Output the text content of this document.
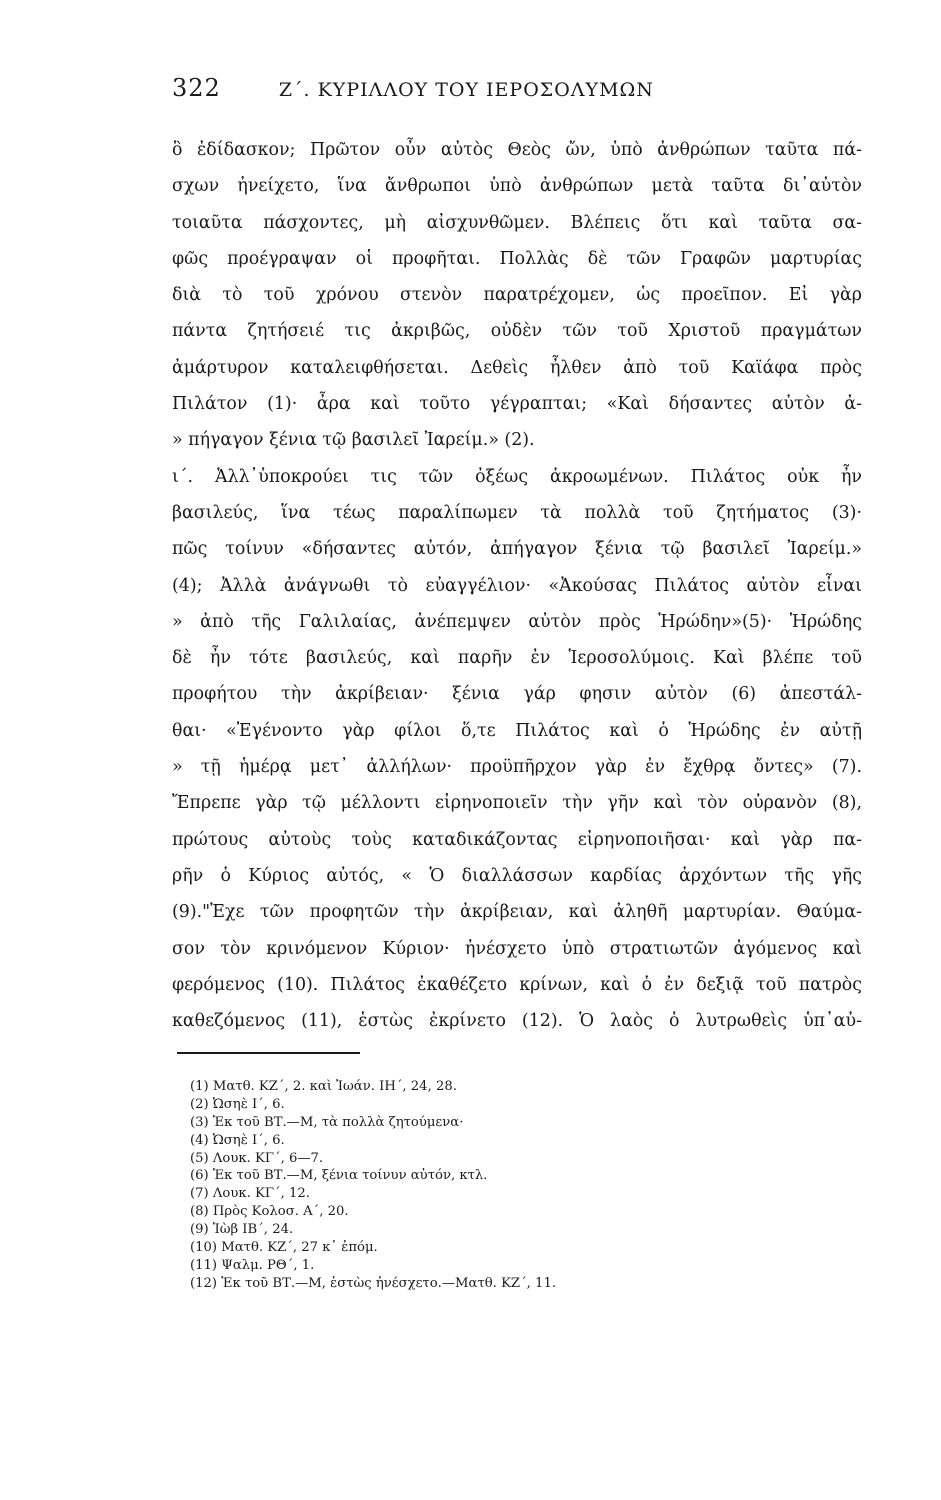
322	Ζ΄. ΚΥΡΙΛΛΟΥ ΤΟΥ ΙΕΡΟΣΟΛΥΜΩΝ
ὃ ἐδίδασκον; Πρῶτον οὖν αὐτὸς Θεὸς ὤν, ὑπὸ ἀνθρώπων ταῦτα πά-
σχων ἠνείχετο, ἵνα ἄνθρωποι ὑπὸ ἀνθρώπων μετὰ ταῦτα δι᾽αὐτὸν
τοιαῦτα πάσχοντες, μὴ αἰσχυνθῶμεν. Βλέπεις ὅτι καὶ ταῦτα σα-
φῶς προέγραψαν οἱ προφῆται. Πολλὰς δὲ τῶν Γραφῶν μαρτυρίας
διὰ τὸ τοῦ χρόνου στενὸν παρατρέχομεν, ὡς προεῖπον. Εἰ γὰρ
πάντα ζητήσειέ τις ἀκριβῶς, οὐδὲν τῶν τοῦ Χριστοῦ πραγμάτων
ἀμάρτυρον καταλειφθήσεται. Δεθεὶς ἦλθεν ἀπὸ τοῦ Καϊάφα πρὸς
Πιλάτον (1)· ἆρα καὶ τοῦτο γέγραπται; «Καὶ δήσαντες αὐτὸν ἀ-
» πήγαγον ξένια τῷ βασιλεῖ Ἰαρείμ.» (2).
ι΄. Ἀλλ᾽ὑποκρούει τις τῶν ὀξέως ἀκροωμένων. Πιλάτος οὐκ ἦν
βασιλεύς, ἵνα τέως παραλίπωμεν τὰ πολλὰ τοῦ ζητήματος (3)·
πῶς τοίνυν «δήσαντες αὐτόν, ἀπήγαγον ξένια τῷ βασιλεῖ Ἰαρείμ.»
(4); Ἀλλὰ ἀνάγνωθι τὸ εὐαγγέλιον· «Ἀκούσας Πιλάτος αὐτὸν εἶναι
» ἀπὸ τῆς Γαλιλαίας, ἀνέπεμψεν αὐτὸν πρὸς Ἡρώδην»(5)· Ἡρώδης
δὲ ἦν τότε βασιλεύς, καὶ παρῆν ἐν Ἱεροσολύμοις. Καὶ βλέπε τοῦ
προφήτου τὴν ἀκρίβειαν· ξένια γάρ φησιν αὐτὸν (6) ἀπεστάλ-
θαι· «Ἐγένοντο γὰρ φίλοι ὅ,τε Πιλάτος καὶ ὁ Ἡρώδης ἐν αὐτῇ
» τῇ ἡμέρᾳ μετ᾽ ἀλλήλων· προϋπῆρχον γὰρ ἐν ἔχθρᾳ ὄντες» (7).
Ἔπρεπε γὰρ τῷ μέλλοντι εἰρηνοποιεῖν τὴν γῆν καὶ τὸν οὐρανὸν (8),
πρώτους αὐτοὺς τοὺς καταδικάζοντας εἰρηνοποιῆσαι· καὶ γὰρ πα-
ρῆν ὁ Κύριος αὐτός, « Ὁ διαλλάσσων καρδίας ἀρχόντων τῆς γῆς
(9)."Ἐχε τῶν προφητῶν τὴν ἀκρίβειαν, καὶ ἀληθῆ μαρτυρίαν. Θαύμα-
σον τὸν κρινόμενον Κύριον· ἠνέσχετο ὑπὸ στρατιωτῶν ἀγόμενος καὶ
φερόμενος (10). Πιλάτος ἐκαθέζετο κρίνων, καὶ ὁ ἐν δεξιᾷ τοῦ πατρὸς
καθεζόμενος (11), ἑστὼς ἐκρίνετο (12). Ὁ λαὸς ὁ λυτρωθεὶς ὑπ᾽αὐ-
(1) Ματθ. ΚΖ΄, 2. καὶ Ἰωάν. ΙΗ΄, 24, 28.
(2) Ὠσηὲ Ι΄, 6.
(3) Ἐκ τοῦ ΒΤ.—Μ, τὰ πολλὰ ζητούμενα·
(4) Ὠσηὲ Ι΄, 6.
(5) Λουκ. ΚΓ΄, 6—7.
(6) Ἐκ τοῦ ΒΤ.—Μ, ξένια τοίνυν αὐτόν, κτλ.
(7) Λουκ. ΚΓ΄, 12.
(8) Πρὸς Κολοσ. Α΄, 20.
(9) Ἰὼβ ΙΒ΄, 24.
(10) Ματθ. ΚΖ΄, 27 κ᾽ ἐπόμ.
(11) Ψαλμ. ΡΘ΄, 1.
(12) Ἐκ τοῦ ΒΤ.—Μ, ἑστὼς ἠνέσχετο.—Ματθ. ΚΖ΄, 11.
